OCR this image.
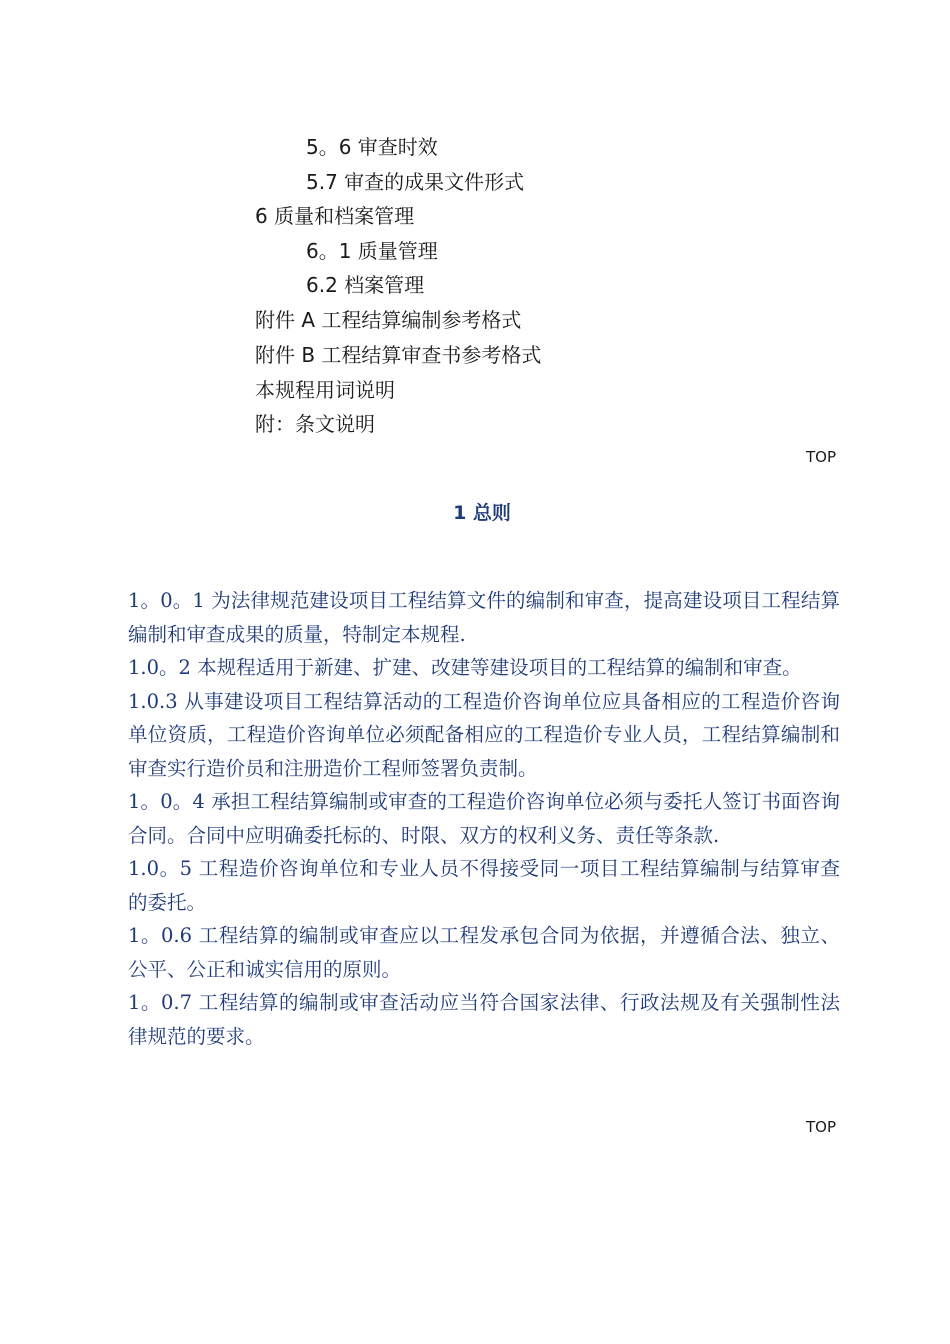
5。6 审查时效
5.7 审查的成果文件形式
6 质量和档案管理
6。1 质量管理
6.2 档案管理
附件 A 工程结算编制参考格式
附件 B 工程结算审查书参考格式
本规程用词说明
附：条文说明
TOP
1 总则

1。0。1 为法律规范建设项目工程结算文件的编制和审查，提高建设项目工程结算编制和审查成果的质量，特制定本规程.

1.0。2 本规程适用于新建、扩建、改建等建设项目的工程结算的编制和审查。

1.0.3 从事建设项目工程结算活动的工程造价咨询单位应具备相应的工程造价咨询单位资质，工程造价咨询单位必须配备相应的工程造价专业人员，工程结算编制和审查实行造价员和注册造价工程师签署负责制。

1。0。4 承担工程结算编制或审查的工程造价咨询单位必须与委托人签订书面咨询合同。合同中应明确委托标的、时限、双方的权利义务、责任等条款.

1.0。5 工程造价咨询单位和专业人员不得接受同一项目工程结算编制与结算审查的委托。

1。0.6 工程结算的编制或审查应以工程发承包合同为依据，并遵循合法、独立、公平、公正和诚实信用的原则。

1。0.7 工程结算的编制或审查活动应当符合国家法律、行政法规及有关强制性法律规范的要求。

TOP
